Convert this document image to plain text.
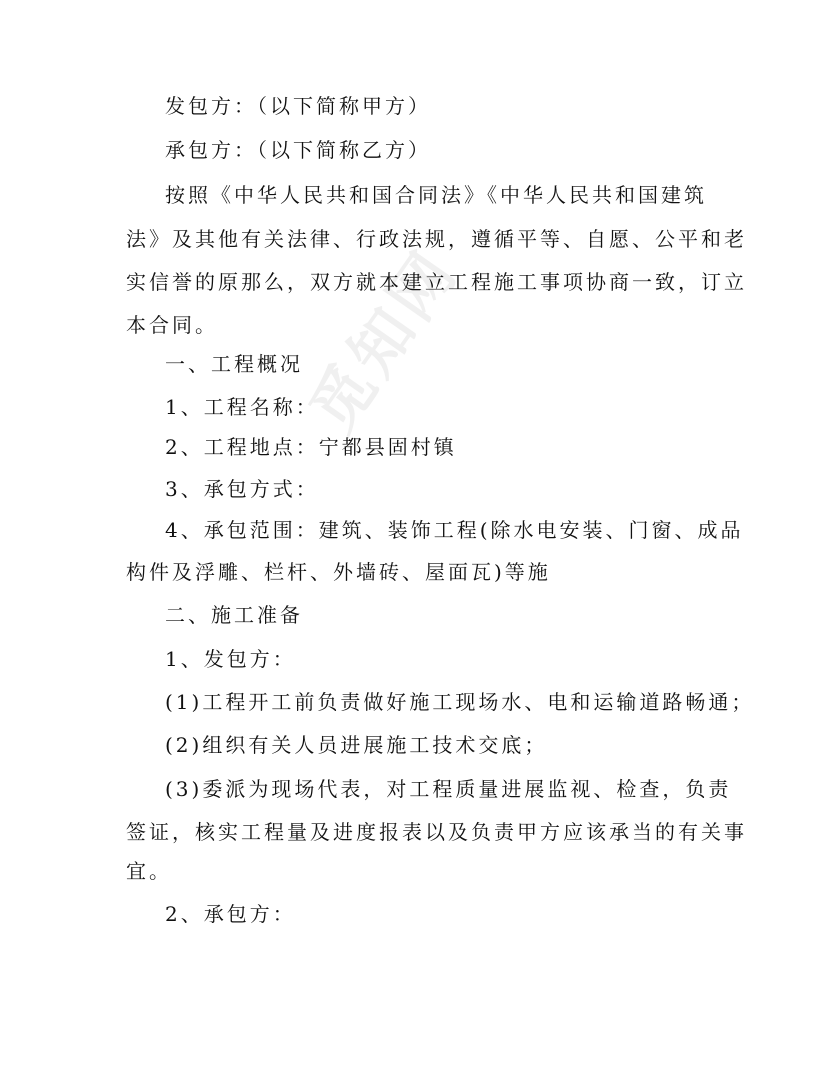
觅知网
发包方：（以下简称甲方）
承包方：（以下简称乙方）
按照《中华人民共和国合同法》《中华人民共和国建筑
法》及其他有关法律、行政法规，遵循平等、自愿、公平和老
实信誉的原那么，双方就本建立工程施工事项协商一致，订立
本合同。
一、工程概况
1、工程名称：
2、工程地点：宁都县固村镇
3、承包方式：
4、承包范围：建筑、装饰工程(除水电安装、门窗、成品
构件及浮雕、栏杆、外墙砖、屋面瓦)等施
二、施工准备
1、发包方：
(1)工程开工前负责做好施工现场水、电和运输道路畅通；
(2)组织有关人员进展施工技术交底；
(3)委派为现场代表，对工程质量进展监视、检查，负责
签证，核实工程量及进度报表以及负责甲方应该承当的有关事
宜。
2、承包方：
